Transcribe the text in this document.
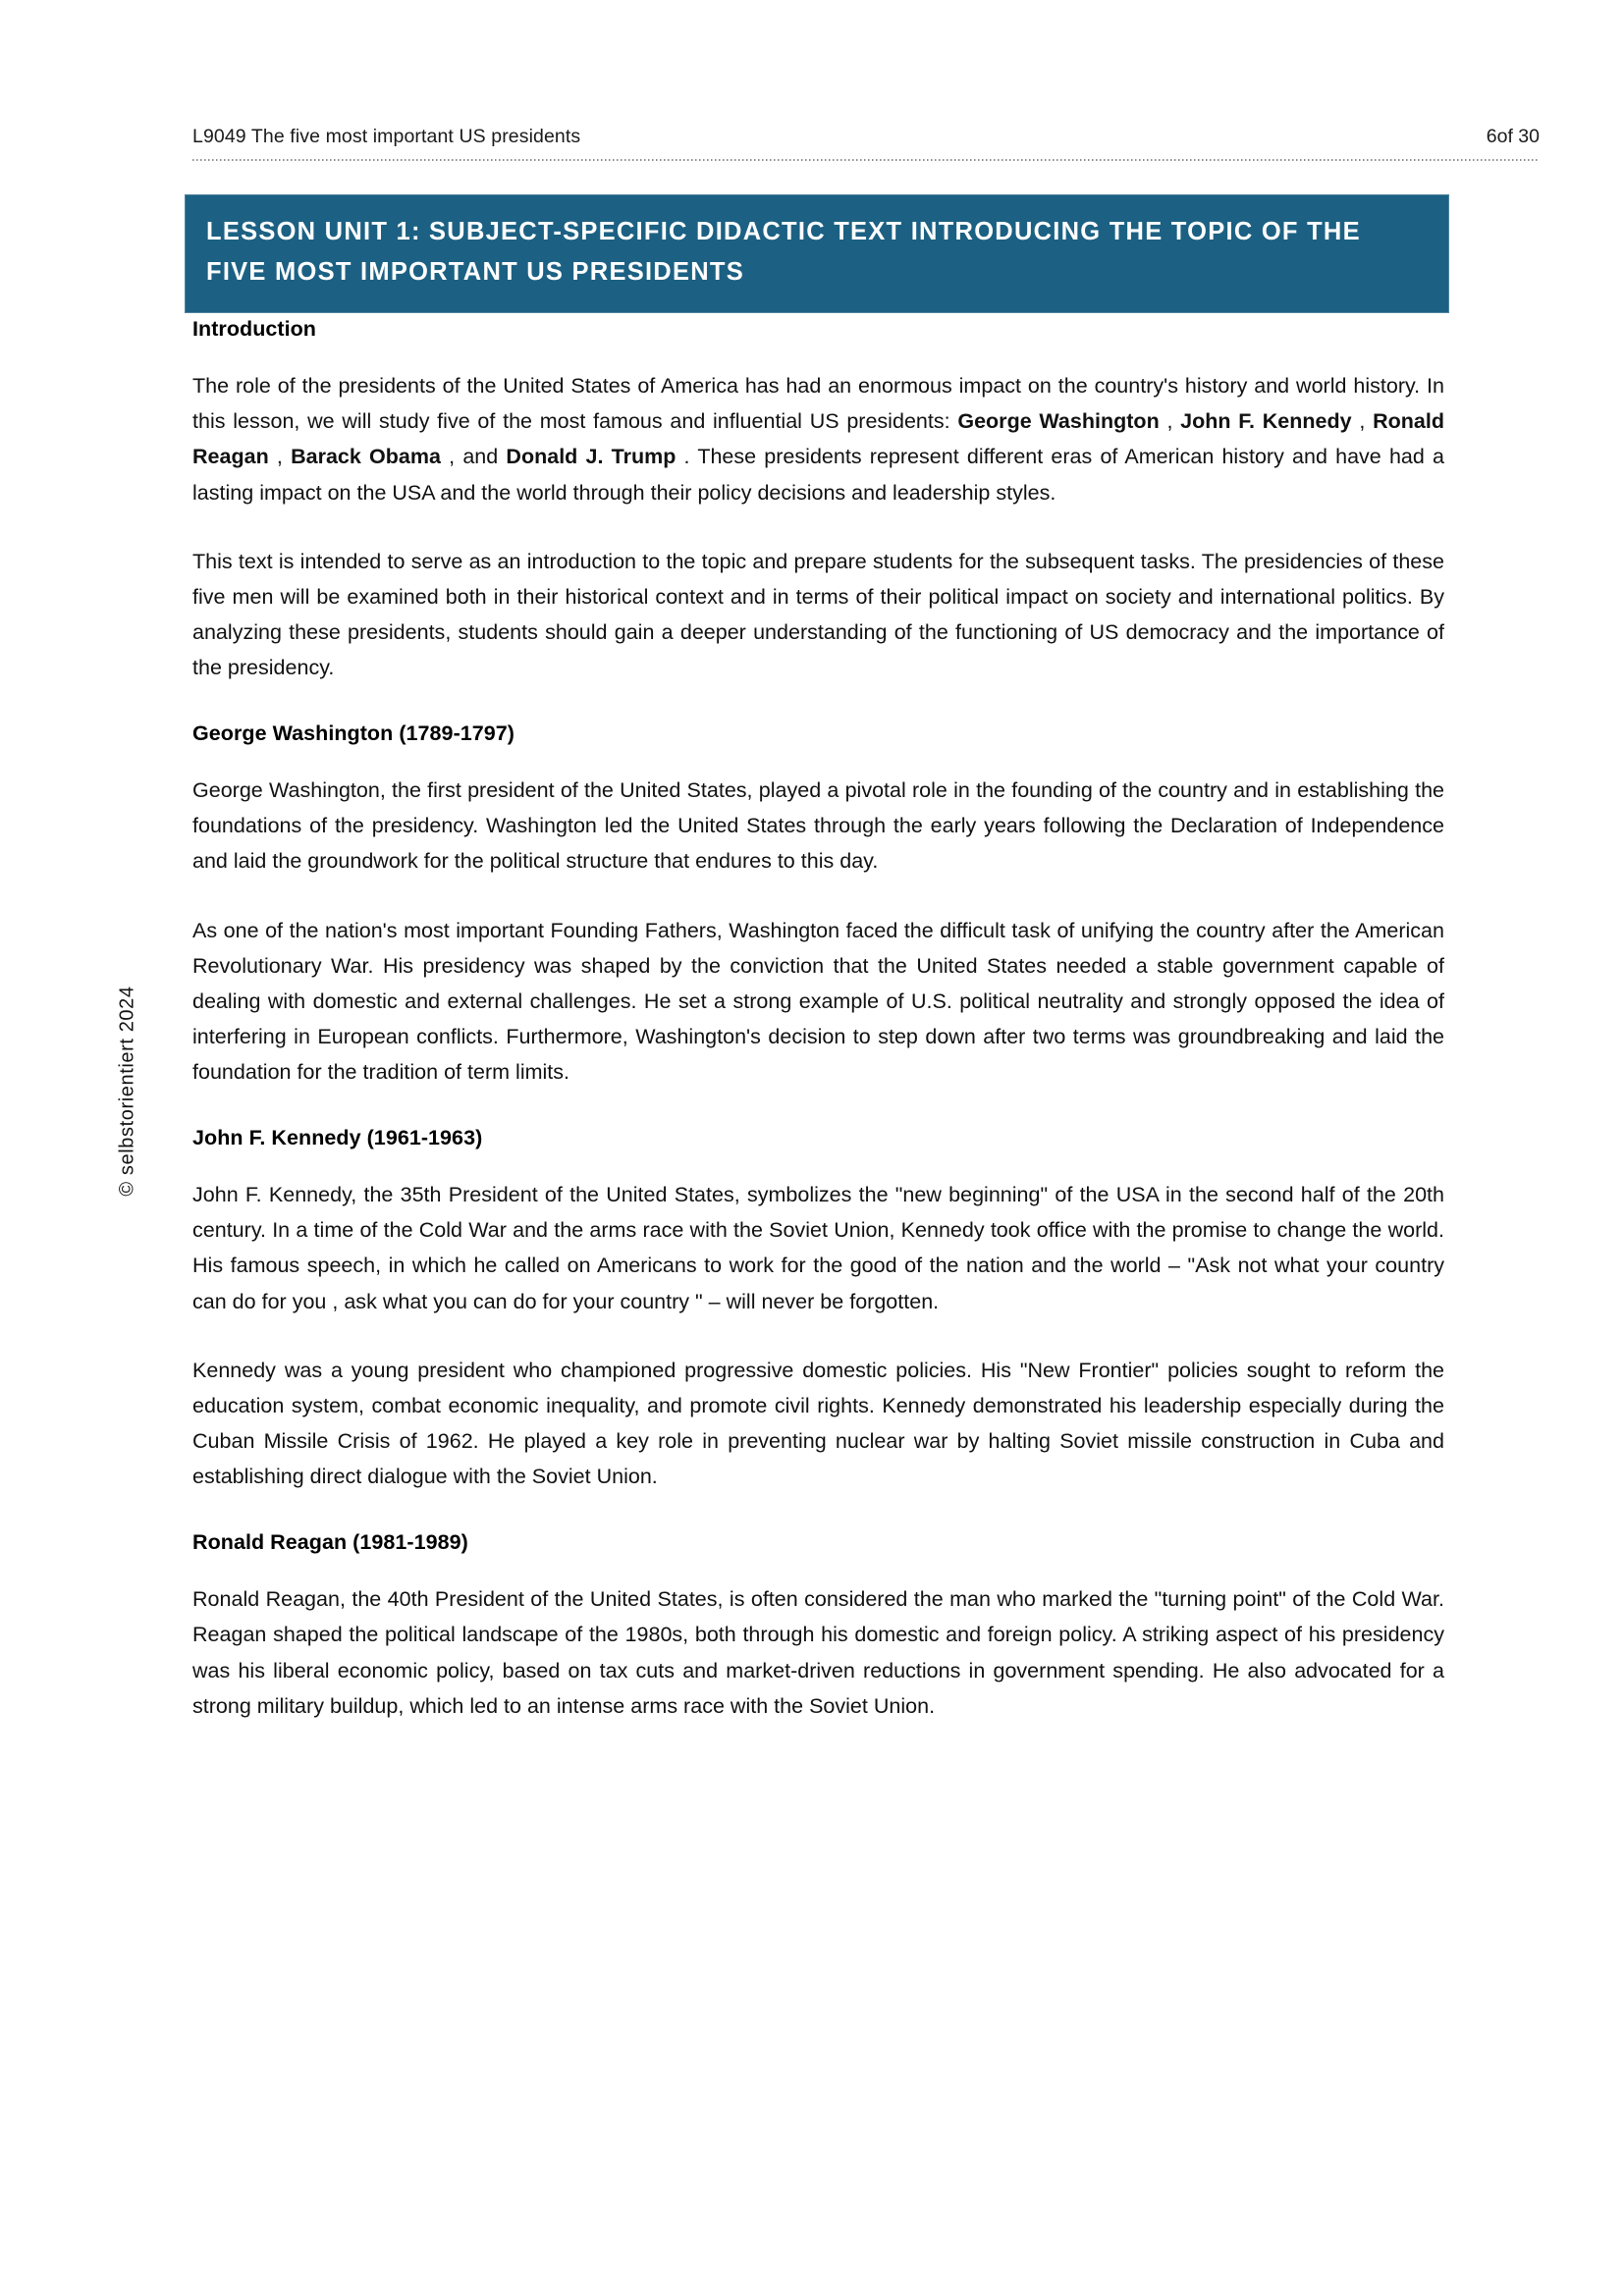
L9049 The five most important US presidents	6of 30
© selbstorientiert 2024

LESSON UNIT 1: SUBJECT-SPECIFIC DIDACTIC TEXT INTRODUCING THE TOPIC OF THE FIVE MOST IMPORTANT US PRESIDENTS

Introduction

The role of the presidents of the United States of America has had an enormous impact on the country's history and world history. In this lesson, we will study five of the most famous and influential US presidents: George Washington , John F. Kennedy , Ronald Reagan , Barack Obama , and Donald J. Trump . These presidents represent different eras of American history and have had a lasting impact on the USA and the world through their policy decisions and leadership styles.

This text is intended to serve as an introduction to the topic and prepare students for the subsequent tasks. The presidencies of these five men will be examined both in their historical context and in terms of their political impact on society and international politics. By analyzing these presidents, students should gain a deeper understanding of the functioning of US democracy and the importance of the presidency.

George Washington (1789-1797)

George Washington, the first president of the United States, played a pivotal role in the founding of the country and in establishing the foundations of the presidency. Washington led the United States through the early years following the Declaration of Independence and laid the groundwork for the political structure that endures to this day.

As one of the nation's most important Founding Fathers, Washington faced the difficult task of unifying the country after the American Revolutionary War. His presidency was shaped by the conviction that the United States needed a stable government capable of dealing with domestic and external challenges. He set a strong example of U.S. political neutrality and strongly opposed the idea of interfering in European conflicts. Furthermore, Washington's decision to step down after two terms was groundbreaking and laid the foundation for the tradition of term limits.

John F. Kennedy (1961-1963)

John F. Kennedy, the 35th President of the United States, symbolizes the "new beginning" of the USA in the second half of the 20th century. In a time of the Cold War and the arms race with the Soviet Union, Kennedy took office with the promise to change the world. His famous speech, in which he called on Americans to work for the good of the nation and the world – "Ask not what your country can do for you , ask what you can do for your country " – will never be forgotten.

Kennedy was a young president who championed progressive domestic policies. His "New Frontier" policies sought to reform the education system, combat economic inequality, and promote civil rights. Kennedy demonstrated his leadership especially during the Cuban Missile Crisis of 1962. He played a key role in preventing nuclear war by halting Soviet missile construction in Cuba and establishing direct dialogue with the Soviet Union.

Ronald Reagan (1981-1989)

Ronald Reagan, the 40th President of the United States, is often considered the man who marked the "turning point" of the Cold War. Reagan shaped the political landscape of the 1980s, both through his domestic and foreign policy. A striking aspect of his presidency was his liberal economic policy, based on tax cuts and market-driven reductions in government spending. He also advocated for a strong military buildup, which led to an intense arms race with the Soviet Union.
